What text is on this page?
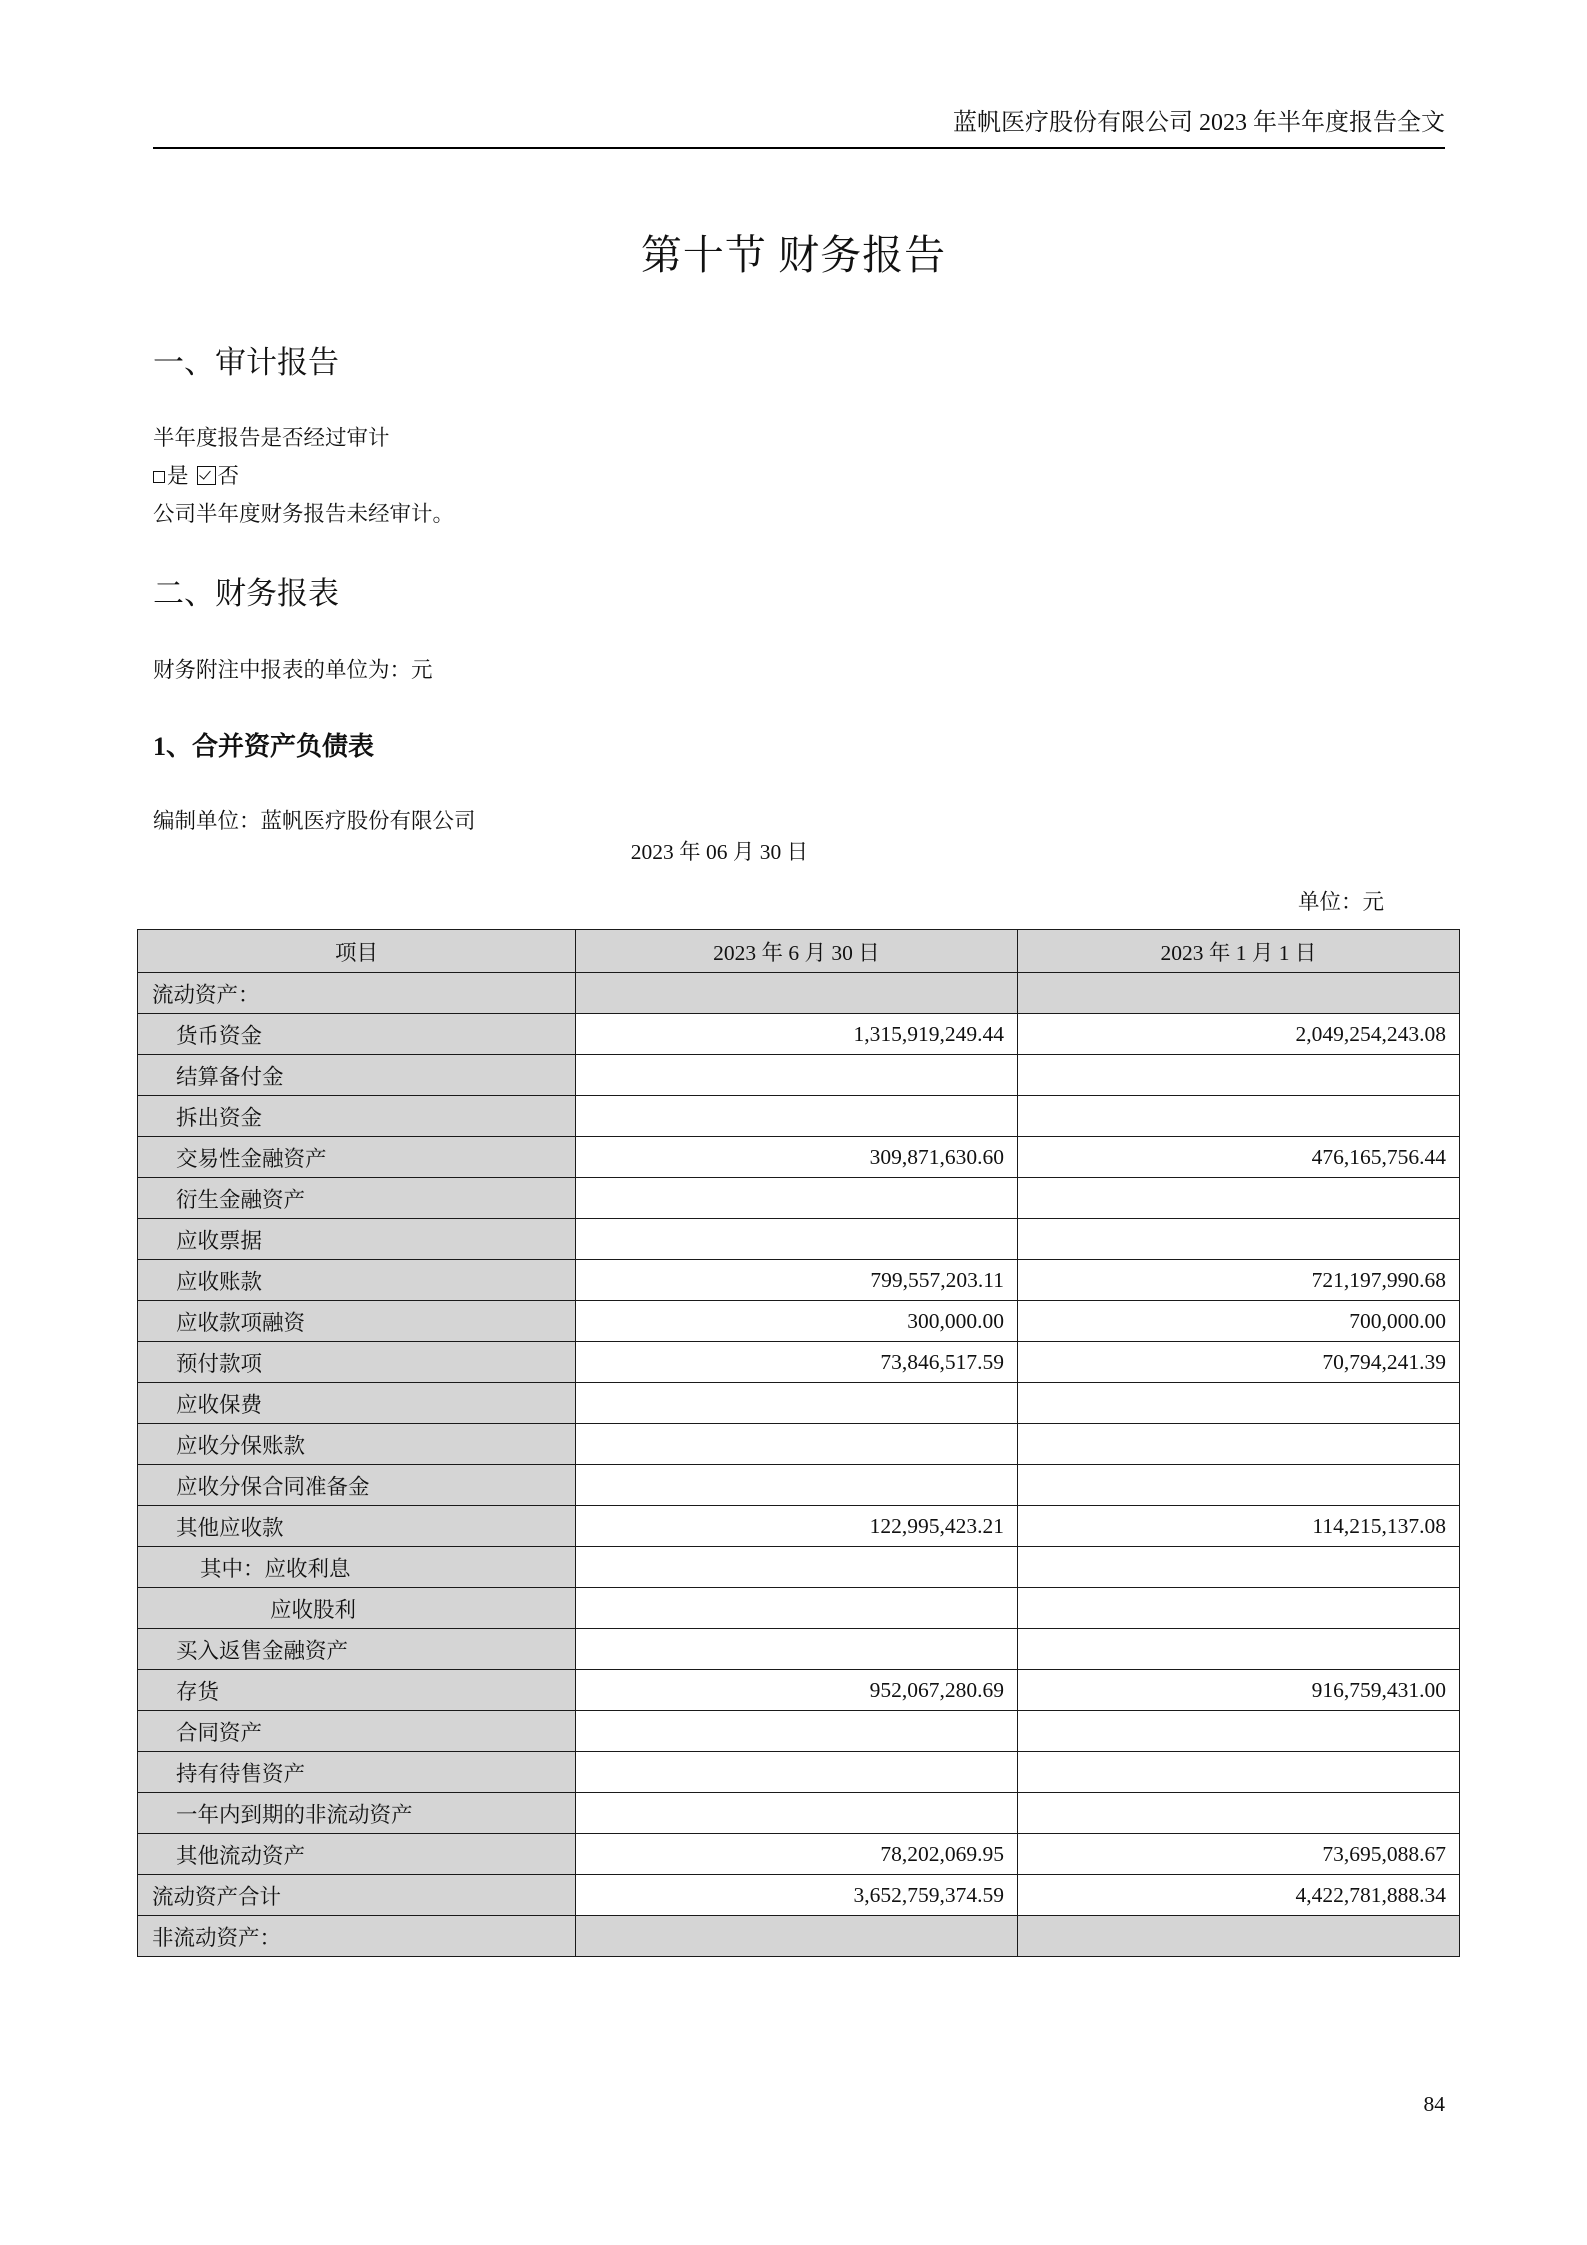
蓝帆医疗股份有限公司 2023 年半年度报告全文
第十节 财务报告
一、审计报告
半年度报告是否经过审计
是 否
公司半年度财务报告未经审计。
二、财务报表
财务附注中报表的单位为：元
1、合并资产负债表
编制单位：蓝帆医疗股份有限公司
2023 年 06 月 30 日
单位：元
项目	2023 年 6 月 30 日	2023 年 1 月 1 日
流动资产：		
货币资金	1,315,919,249.44	2,049,254,243.08
结算备付金		
拆出资金		
交易性金融资产	309,871,630.60	476,165,756.44
衍生金融资产		
应收票据		
应收账款	799,557,203.11	721,197,990.68
应收款项融资	300,000.00	700,000.00
预付款项	73,846,517.59	70,794,241.39
应收保费		
应收分保账款		
应收分保合同准备金		
其他应收款	122,995,423.21	114,215,137.08
其中：应收利息		
应收股利		
买入返售金融资产		
存货	952,067,280.69	916,759,431.00
合同资产		
持有待售资产		
一年内到期的非流动资产		
其他流动资产	78,202,069.95	73,695,088.67
流动资产合计	3,652,759,374.59	4,422,781,888.34
非流动资产：		
84
